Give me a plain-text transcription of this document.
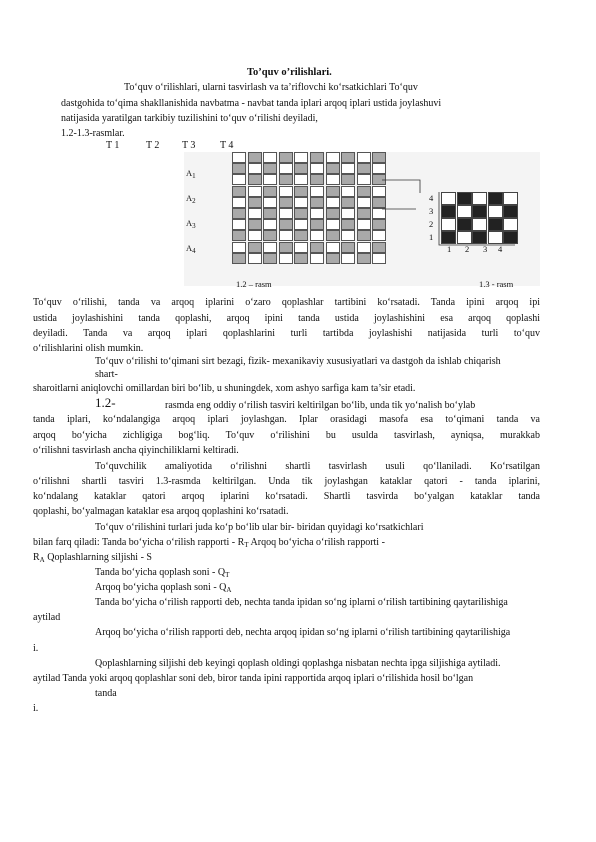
To’quv o’rilishlari.
To‘quv o‘rilishlari, ularni tasvirlash va ta’riflovchi ko‘rsatkichlari To‘quv
dastgohida to‘qima shakllanishida navbatma - navbat tanda iplari arqoq iplari ustida joylashuvi
natijasida yaratilgan tarkibiy tuzilishini to‘quv o‘rilishi deyiladi,
1.2-1.3-rasmlar.
T 1	T 2 T 3 T 4
$A_1$
$A_2$
$A_3$
$A_4$
4
3
2
1
1 2 3 4
1.2 – rasm	1.3 - rasm
To‘quv o‘rilishi, tanda va arqoq iplarini o‘zaro qoplashlar tartibini ko‘rsatadi. Tanda ipini arqoq ipi
ustida joylashishini tanda qoplashi, arqoq ipini tanda ustida joylashishini esa arqoq qoplashi
deyiladi. Tanda va arqoq iplari qoplashlarini turli tartibda joylashishi natijasida turli to‘quv
o‘rilishlarini olish mumkin.
To‘quv o‘rilishi to‘qimani sirt bezagi, fizik- mexanikaviy xususiyatlari va dastgoh da ishlab chiqarish
shart-
sharoitlarni aniqlovchi omillardan biri bo‘lib, u shuningdek, xom ashyo sarfiga kam ta’sir etadi.
1.2-	rasmda eng oddiy o‘rilish tasviri keltirilgan bo‘lib, unda tik yo‘nalish bo‘ylab
tanda iplari, ko‘ndalangiga arqoq iplari joylashgan. Iplar orasidagi masofa esa to‘qimani tanda va
arqoq bo‘yicha zichligiga bog‘liq. To‘quv o‘rilishini bu usulda tasvirlash, ayniqsa, murakkab
o‘rilishni tasvirlash ancha qiyinchiliklarni keltiradi.
To‘quvchilik amaliyotida o‘rilishni shartli tasvirlash usuli qo‘llaniladi. Ko‘rsatilgan
o‘rilishni shartli tasviri 1.3-rasmda keltirilgan. Unda tik joylashgan kataklar qatori - tanda iplarini,
ko‘ndalang kataklar qatori arqoq iplarini ko‘rsatadi. Shartli tasvirda bo‘yalgan kataklar tanda
qoplashi, bo‘yalmagan kataklar esa arqoq qoplashini ko‘rsatadi.
To‘quv o‘rilishini turlari juda ko‘p bo‘lib ular bir- biridan quyidagi ko‘rsatkichlari
bilan farq qiladi: Tanda bo‘yicha o‘rilish rapporti - $R_T$ Arqoq bo‘yicha o‘rilish rapporti -
$R_A$ Qoplashlarning siljishi - S
Tanda bo‘yicha qoplash soni - $Q_T$
Arqoq bo‘yicha qoplash soni - $Q_A$
Tanda bo‘yicha o‘rilish rapporti deb, nechta tanda ipidan so‘ng iplarni o‘rilish tartibining qaytarilishiga
aytilad
Arqoq bo‘yicha o‘rilish rapporti deb, nechta arqoq ipidan so‘ng iplarni o‘rilish tartibining qaytarilishiga
i.
Qoplashlarning siljishi deb keyingi qoplash oldingi qoplashga nisbatan nechta ipga siljishiga aytiladi.
aytilad Tanda yoki arqoq qoplashlar soni deb, biror tanda ipini rapportida arqoq iplari o‘rilishida hosil bo‘lgan
tanda
i.
